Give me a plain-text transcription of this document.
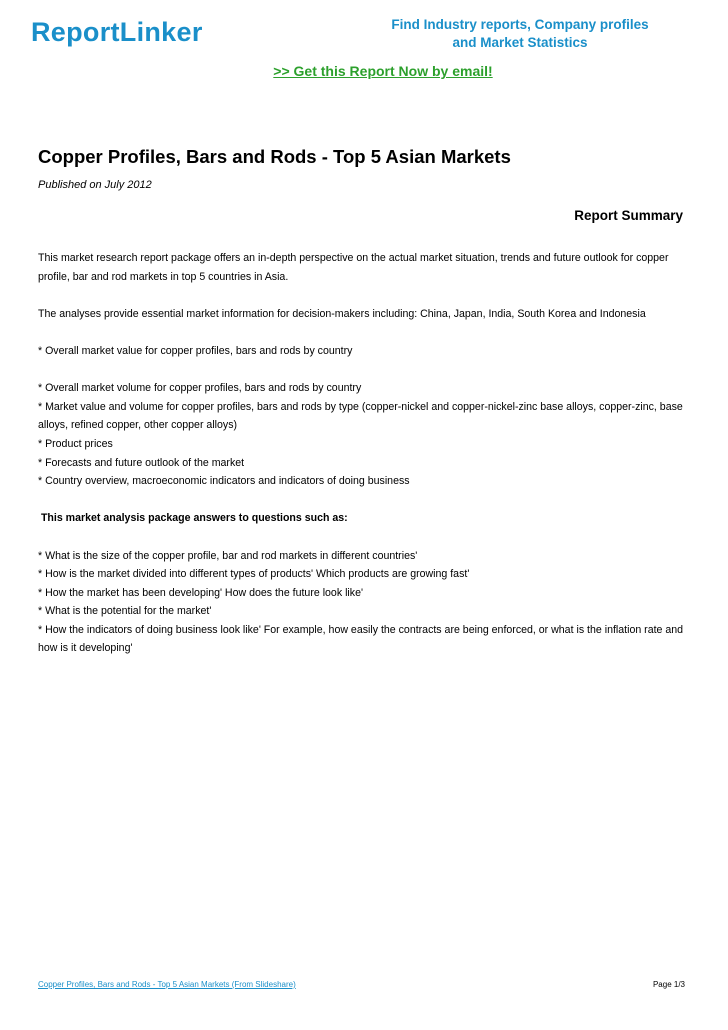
ReportLinker	Find Industry reports, Company profiles
and Market Statistics
>> Get this Report Now by email!
Copper Profiles, Bars and Rods - Top 5 Asian Markets
Published on July 2012
Report Summary

This market research report package offers an in-depth perspective on the actual market situation, trends and future outlook for copper profile, bar and rod markets in top 5 countries in Asia.

The analyses provide essential market information for decision-makers including: China, Japan, India, South Korea and Indonesia

* Overall market value for copper profiles, bars and rods by country

* Overall market volume for copper profiles, bars and rods by country

* Market value and volume for copper profiles, bars and rods by type (copper-nickel and copper-nickel-zinc base alloys, copper-zinc, base alloys, refined copper, other copper alloys)

* Product prices

* Forecasts and future outlook of the market

* Country overview, macroeconomic indicators and indicators of doing business

This market analysis package answers to questions such as:

* What is the size of the copper profile, bar and rod markets in different countries'

* How is the market divided into different types of products' Which products are growing fast'

* How the market has been developing' How does the future look like'

* What is the potential for the market'

* How the indicators of doing business look like' For example, how easily the contracts are being enforced, or what is the inflation rate and how is it developing'

Copper Profiles, Bars and Rods - Top 5 Asian Markets (From Slideshare)	Page 1/3
